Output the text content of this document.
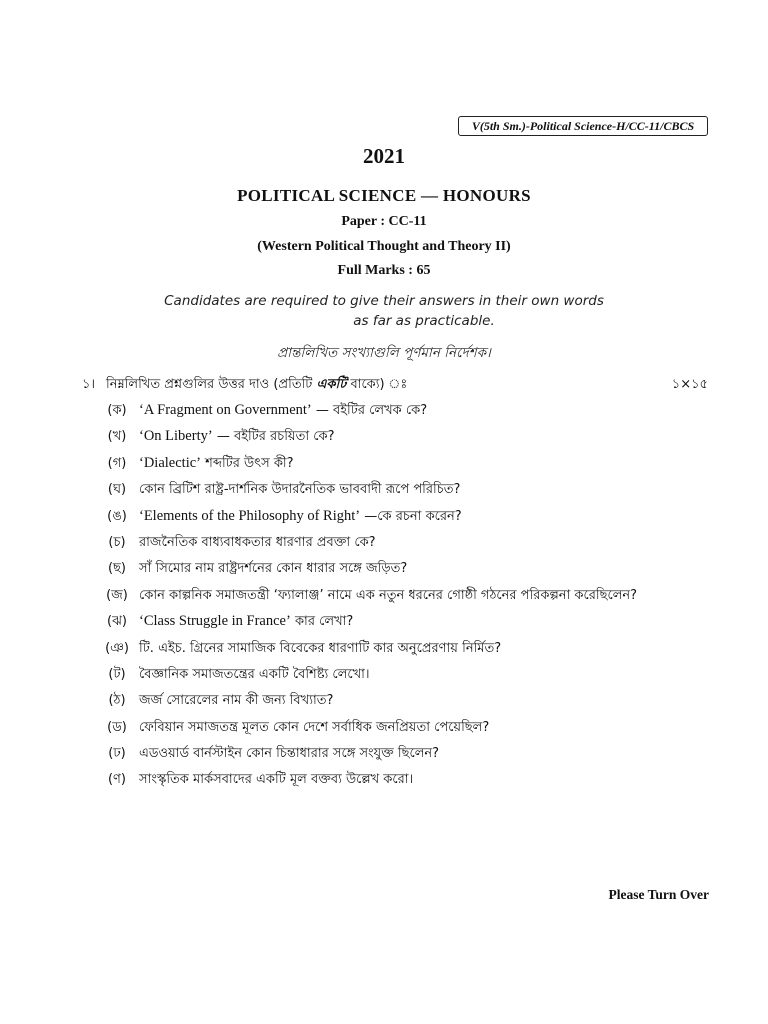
V(5th Sm.)-Political Science-H/CC-11/CBCS
2021
POLITICAL SCIENCE — HONOURS
Paper : CC-11
(Western Political Thought and Theory II)
Full Marks : 65
Candidates are required to give their answers in their own words
as far as practicable.
প্রান্তলিখিত সংখ্যাগুলি পূর্ণমান নির্দেশক।
১। নিম্নলিখিত প্রশ্নগুলির উত্তর দাও (প্রতিটি একটি বাক্যে) ঃ	১×১৫
(ক) ‘A Fragment on Government’ — বইটির লেখক কে?
(খ) ‘On Liberty’ — বইটির রচয়িতা কে?
(গ) ‘Dialectic’ শব্দটির উৎস কী?
(ঘ) কোন ব্রিটিশ রাষ্ট্র-দার্শনিক উদারনৈতিক ভাববাদী রূপে পরিচিত?
(ঙ) ‘Elements of the Philosophy of Right’ —কে রচনা করেন?
(চ)	রাজনৈতিক বাধ্যবাধকতার ধারণার প্রবক্তা কে?
(ছ) সাঁ সিমোর নাম রাষ্ট্রদর্শনের কোন ধারার সঙ্গে জড়িত?
(জ) কোন কাল্পনিক সমাজতন্ত্রী ‘ফ্যালাঞ্জ’ নামে এক নতুন ধরনের গোষ্ঠী গঠনের পরিকল্পনা করেছিলেন?
(ঝ) ‘Class Struggle in France’ কার লেখা?
(ঞ) টি. এইচ. গ্রিনের সামাজিক বিবেকের ধারণাটি কার অনুপ্রেরণায় নির্মিত?
(ট)	বৈজ্ঞানিক সমাজতন্ত্রের একটি বৈশিষ্ট্য লেখো।
(ঠ)	জর্জ সোরেলের নাম কী জন্য বিখ্যাত?
(ড) ফেবিয়ান সমাজতন্ত্র মূলত কোন দেশে সর্বাধিক জনপ্রিয়তা পেয়েছিল?
(ঢ)	এডওয়ার্ড বার্নস্টাইন কোন চিন্তাধারার সঙ্গে সংযুক্ত ছিলেন?
(ণ)	সাংস্কৃতিক মার্কসবাদের একটি মূল বক্তব্য উল্লেখ করো।
Please Turn Over
